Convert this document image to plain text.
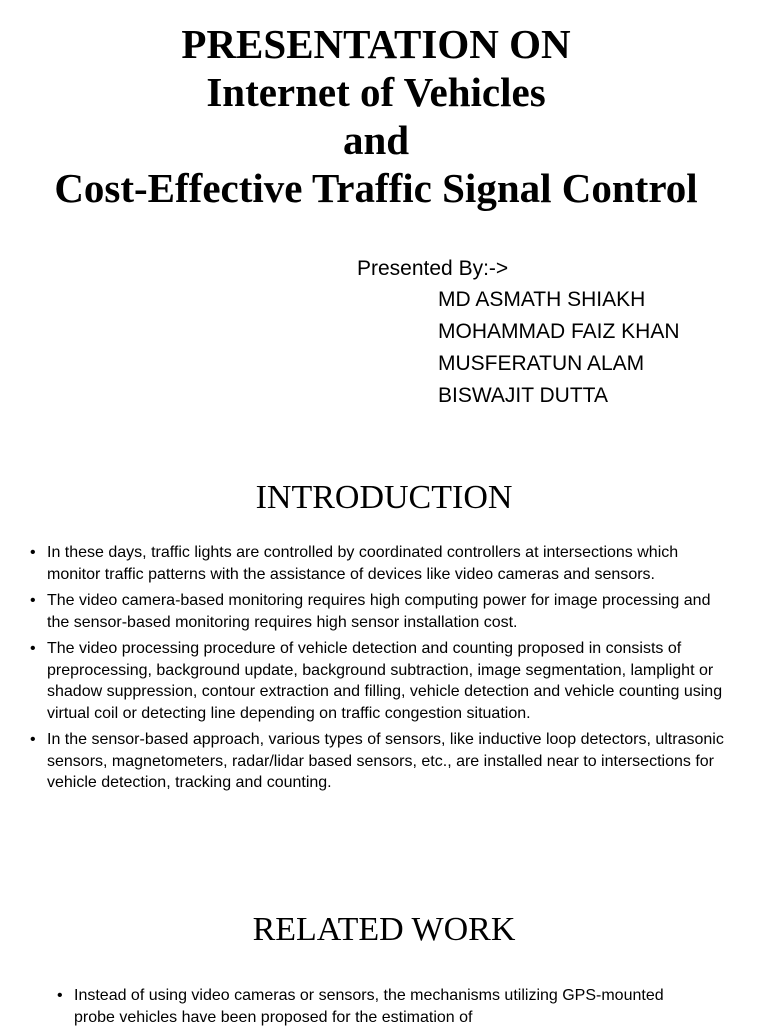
PRESENTATION ON
Internet of Vehicles
and
Cost-Effective Traffic Signal Control
Presented By:->
MD ASMATH SHIAKH
MOHAMMAD FAIZ KHAN
MUSFERATUN ALAM
BISWAJIT DUTTA
INTRODUCTION
• In these days, traffic lights are controlled by coordinated controllers at intersections which monitor traffic patterns with the assistance of devices like video cameras and sensors.
• The video camera-based monitoring requires high computing power for image processing and the sensor-based monitoring requires high sensor installation cost.
• The video processing procedure of vehicle detection and counting proposed in consists of preprocessing, background update, background subtraction, image segmentation, lamplight or shadow suppression, contour extraction and filling, vehicle detection and vehicle counting using virtual coil or detecting line depending on traffic congestion situation.
• In the sensor-based approach, various types of sensors, like inductive loop detectors, ultrasonic sensors, magnetometers, radar/lidar based sensors, etc., are installed near to intersections for vehicle detection, tracking and counting.
RELATED WORK
• Instead of using video cameras or sensors, the mechanisms utilizing GPS-mounted probe vehicles have been proposed for the estimation of
